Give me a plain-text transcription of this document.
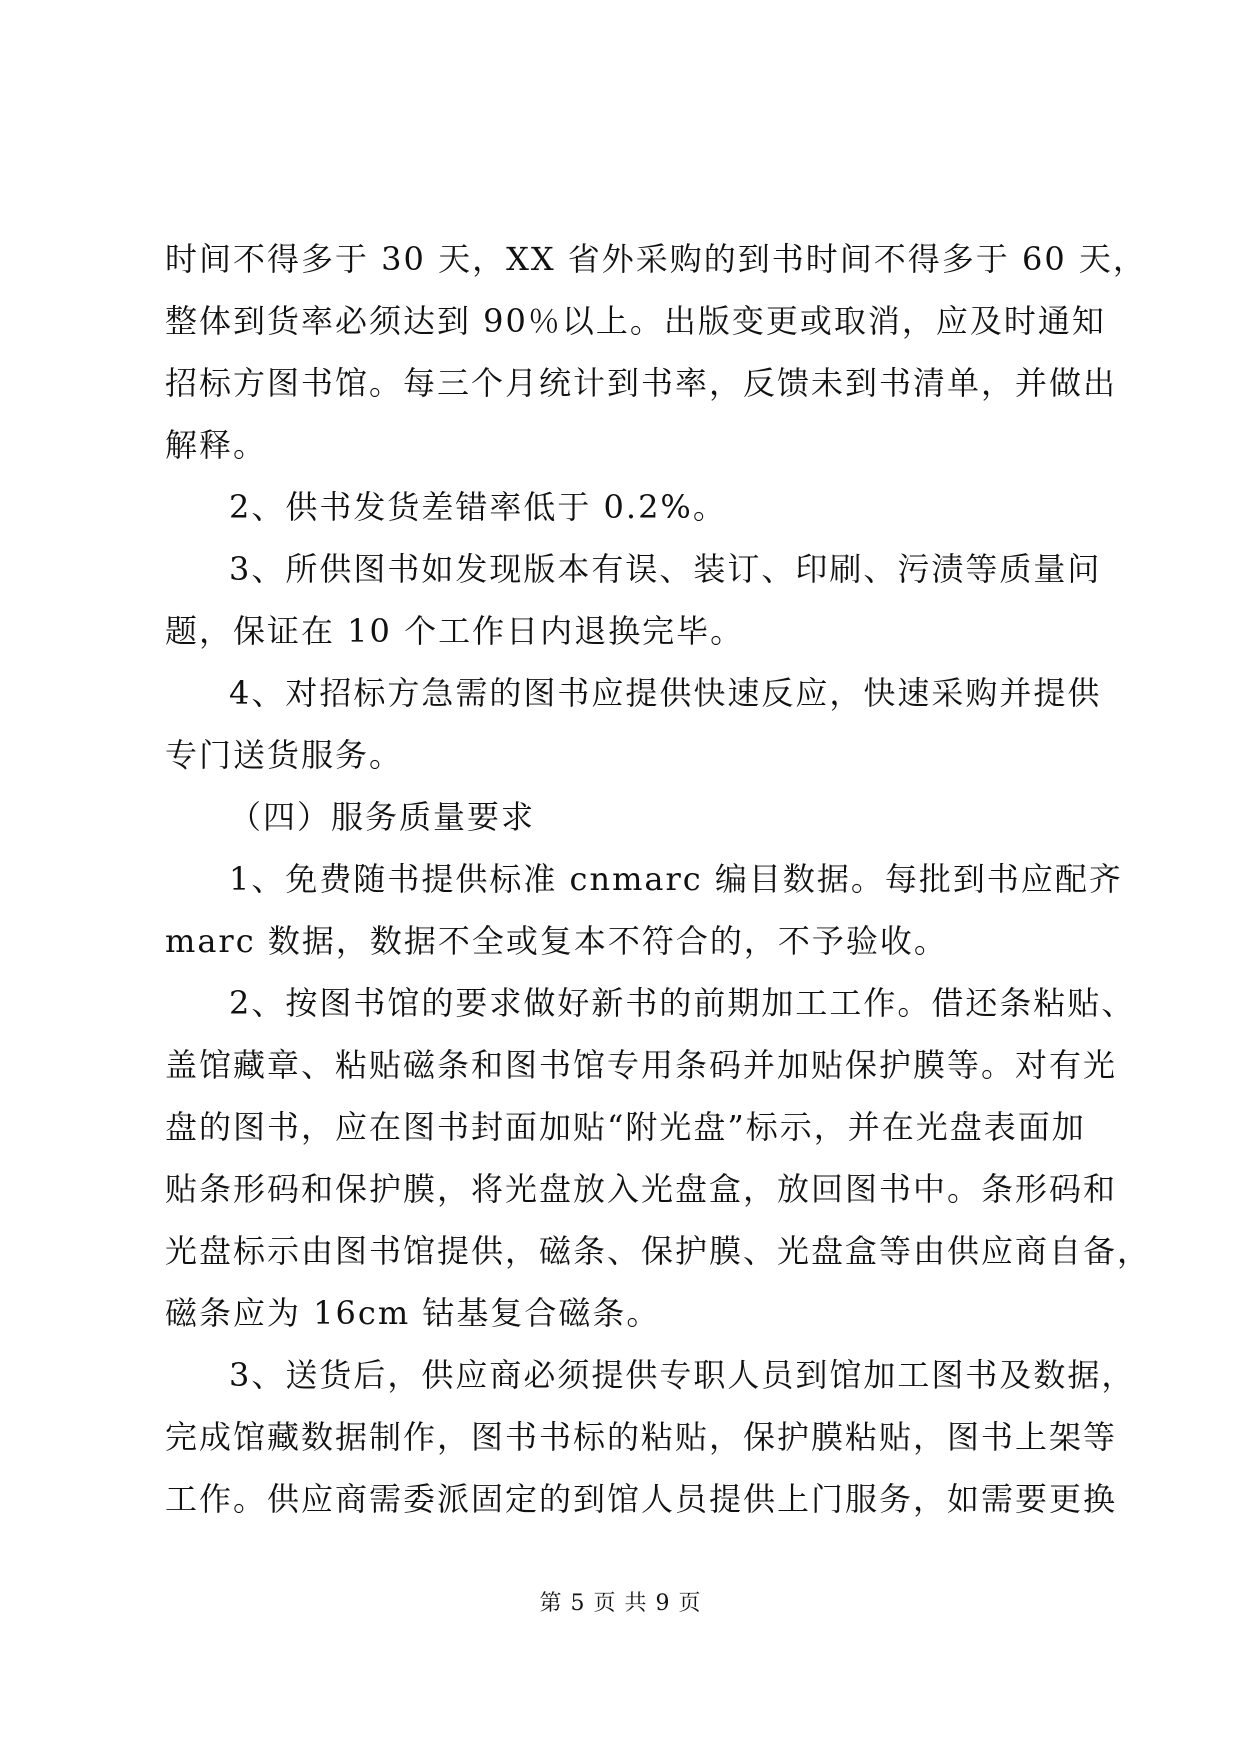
时间不得多于 30 天，XX 省外采购的到书时间不得多于 60 天，
整体到货率必须达到 90％以上。出版变更或取消，应及时通知
招标方图书馆。每三个月统计到书率，反馈未到书清单，并做出
解释。
2、供书发货差错率低于 0.2%。
3、所供图书如发现版本有误、装订、印刷、污渍等质量问
题，保证在 10 个工作日内退换完毕。
4、对招标方急需的图书应提供快速反应，快速采购并提供
专门送货服务。
（四）服务质量要求
1、免费随书提供标准 cnmarc 编目数据。每批到书应配齐
marc 数据，数据不全或复本不符合的，不予验收。
2、按图书馆的要求做好新书的前期加工工作。借还条粘贴、
盖馆藏章、粘贴磁条和图书馆专用条码并加贴保护膜等。对有光
盘的图书，应在图书封面加贴“附光盘”标示，并在光盘表面加
贴条形码和保护膜，将光盘放入光盘盒，放回图书中。条形码和
光盘标示由图书馆提供，磁条、保护膜、光盘盒等由供应商自备，
磁条应为 16cm 钴基复合磁条。
3、送货后，供应商必须提供专职人员到馆加工图书及数据，
完成馆藏数据制作，图书书标的粘贴，保护膜粘贴，图书上架等
工作。供应商需委派固定的到馆人员提供上门服务，如需要更换
第 5 页 共 9 页
